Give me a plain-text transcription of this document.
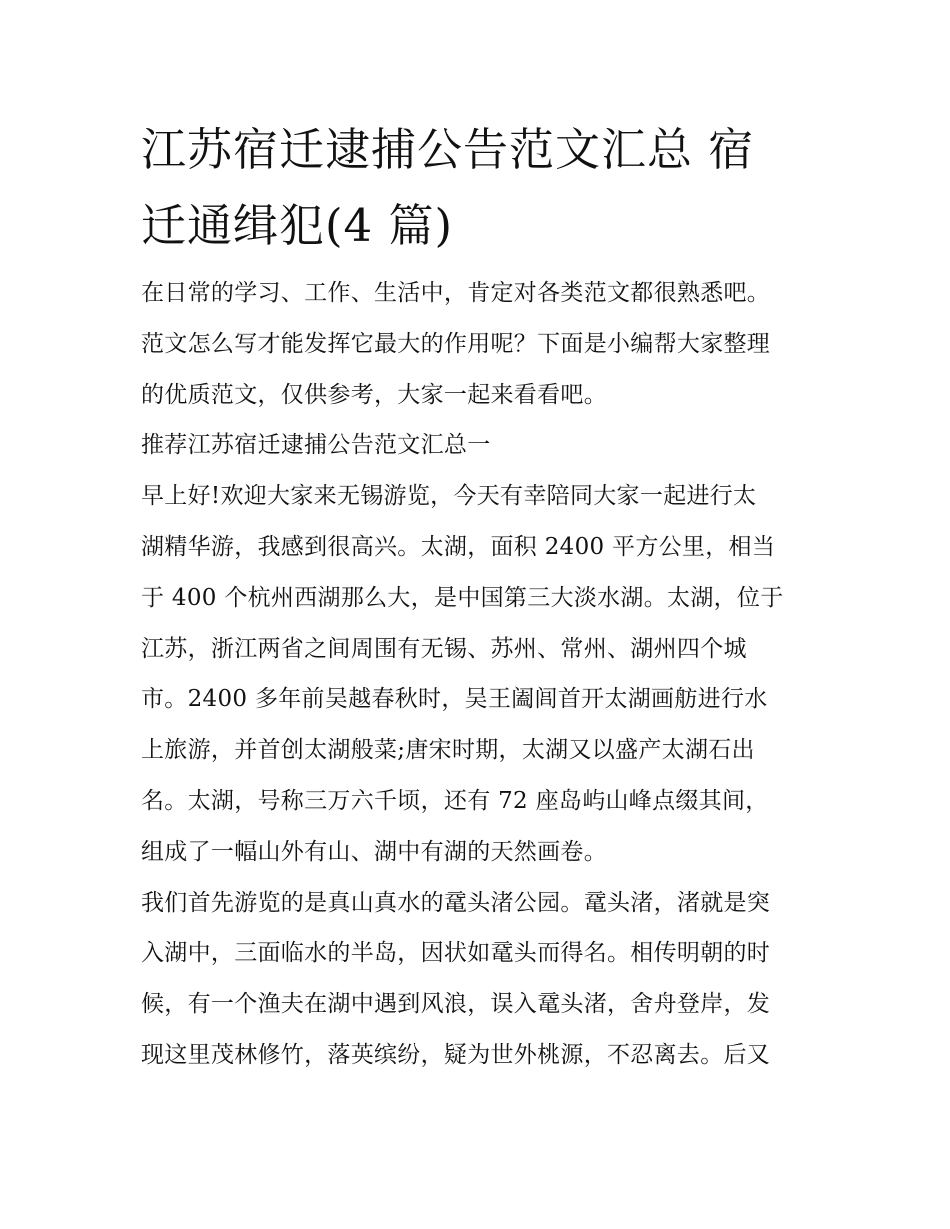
江苏宿迁逮捕公告范文汇总 宿
迁通缉犯(4 篇)
在日常的学习、工作、生活中，肯定对各类范文都很熟悉吧。
范文怎么写才能发挥它最大的作用呢？下面是小编帮大家整理
的优质范文，仅供参考，大家一起来看看吧。
推荐江苏宿迁逮捕公告范文汇总一
早上好!欢迎大家来无锡游览，今天有幸陪同大家一起进行太
湖精华游，我感到很高兴。太湖，面积 2400 平方公里，相当
于 400 个杭州西湖那么大，是中国第三大淡水湖。太湖，位于
江苏，浙江两省之间周围有无锡、苏州、常州、湖州四个城
市。2400 多年前吴越春秋时，吴王阖闾首开太湖画舫进行水
上旅游，并首创太湖般菜;唐宋时期，太湖又以盛产太湖石出
名。太湖，号称三万六千顷，还有 72 座岛屿山峰点缀其间，
组成了一幅山外有山、湖中有湖的天然画卷。
我们首先游览的是真山真水的鼋头渚公园。鼋头渚，渚就是突
入湖中，三面临水的半岛，因状如鼋头而得名。相传明朝的时
候，有一个渔夫在湖中遇到风浪，误入鼋头渚，舍舟登岸，发
现这里茂林修竹，落英缤纷，疑为世外桃源，不忍离去。后又
